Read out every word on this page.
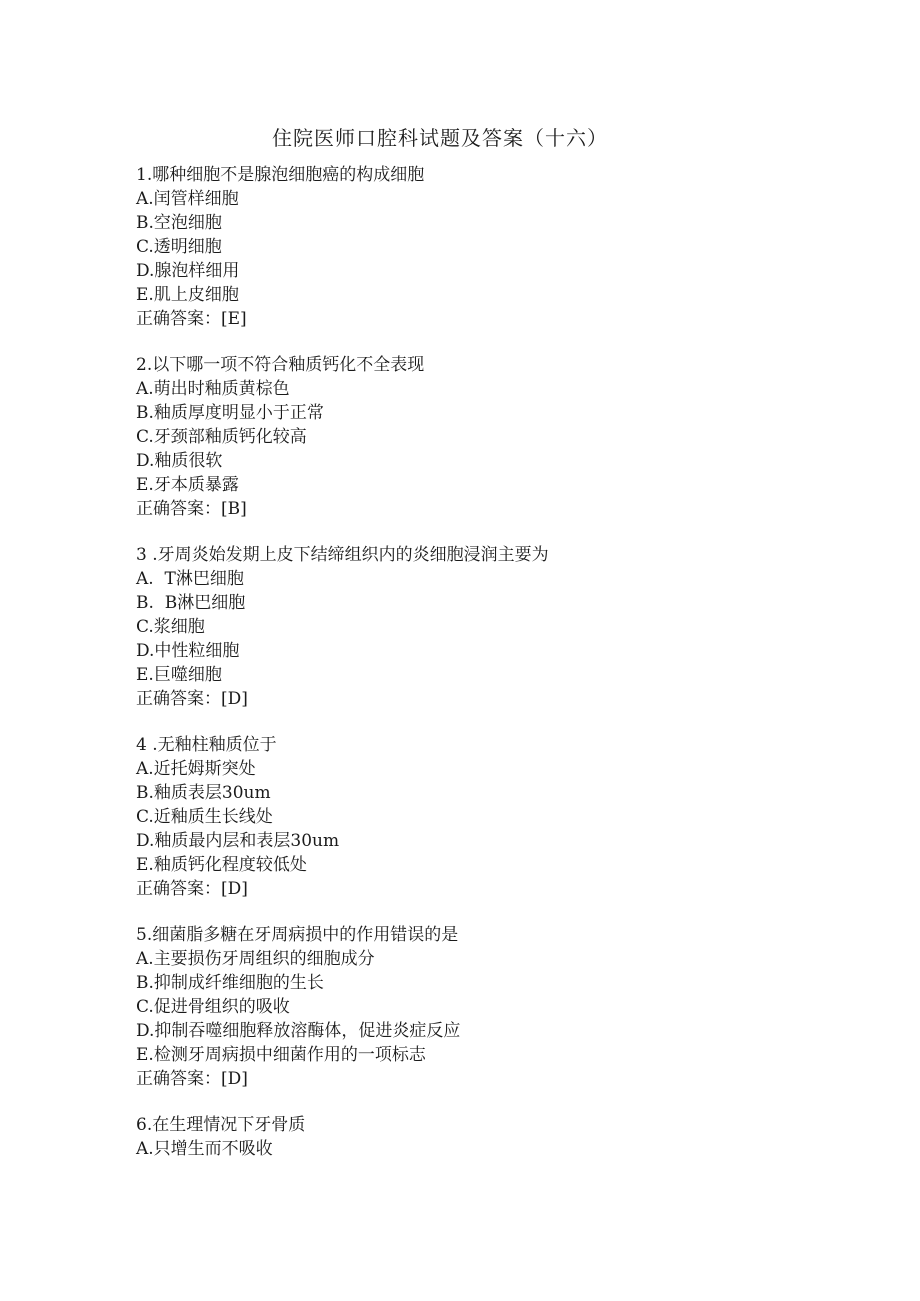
住院医师口腔科试题及答案（十六）
1.哪种细胞不是腺泡细胞癌的构成细胞
A.闰管样细胞
B.空泡细胞
C.透明细胞
D.腺泡样细用
E.肌上皮细胞
正确答案：[E]
2.以下哪一项不符合釉质钙化不全表现
A.萌出时釉质黄棕色
B.釉质厚度明显小于正常
C.牙颈部釉质钙化较高
D.釉质很软
E.牙本质暴露
正确答案：[B]
3 .牙周炎始发期上皮下结缔组织内的炎细胞浸润主要为
A.  T淋巴细胞
B.  B淋巴细胞
C.浆细胞
D.中性粒细胞
E.巨噬细胞
正确答案：[D]
4 .无釉柱釉质位于
A.近托姆斯突处
B.釉质表层30um
C.近釉质生长线处
D.釉质最内层和表层30um
E.釉质钙化程度较低处
正确答案：[D]
5.细菌脂多糖在牙周病损中的作用错误的是
A.主要损伤牙周组织的细胞成分
B.抑制成纤维细胞的生长
C.促进骨组织的吸收
D.抑制吞噬细胞释放溶酶体，促进炎症反应
E.检测牙周病损中细菌作用的一项标志
正确答案：[D]
6.在生理情况下牙骨质
A.只增生而不吸收
